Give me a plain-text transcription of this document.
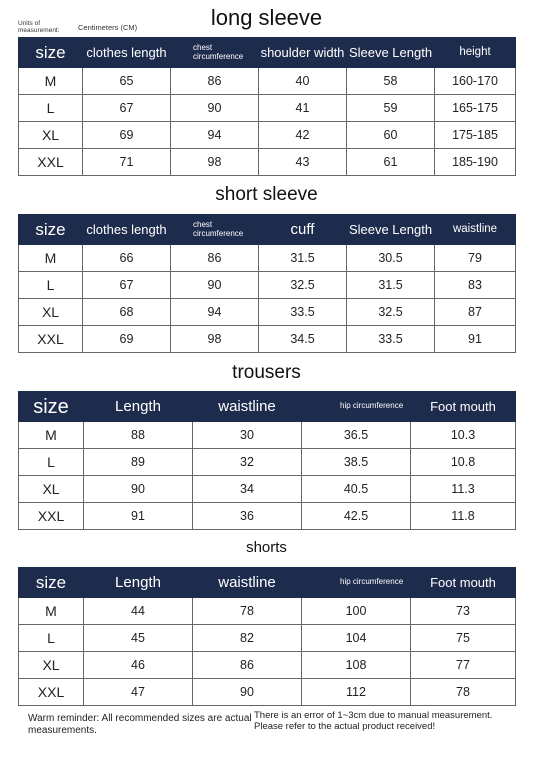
Units of measurement:	Centimeters (CM)	long sleeve
size	clothes length	chest circumference	shoulder width	Sleeve Length	height
M	65	86	40	58	160-170
L	67	90	41	59	165-175
XL	69	94	42	60	175-185
XXL	71	98	43	61	185-190
short sleeve
size	clothes length	chest circumference	cuff	Sleeve Length	waistline
M	66	86	31.5	30.5	79
L	67	90	32.5	31.5	83
XL	68	94	33.5	32.5	87
XXL	69	98	34.5	33.5	91
trousers
size	Length	waistline	hip circumference	Foot mouth
M	88	30	36.5	10.3
L	89	32	38.5	10.8
XL	90	34	40.5	11.3
XXL	91	36	42.5	11.8
shorts
size	Length	waistline	hip circumference	Foot mouth
M	44	78	100	73
L	45	82	104	75
XL	46	86	108	77
XXL	47	90	112	78
Warm reminder: All recommended sizes are actual measurements.
There is an error of 1~3cm due to manual measurement. Please refer to the actual product received!
